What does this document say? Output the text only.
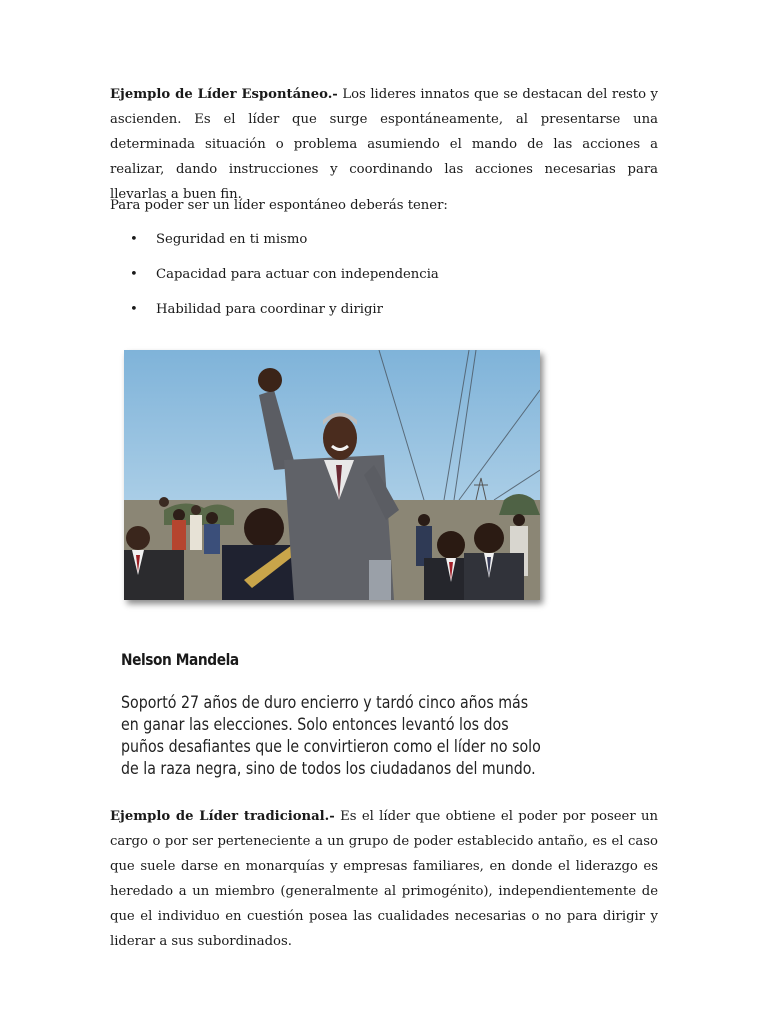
Ejemplo de Líder Espontáneo.- Los lideres innatos que se destacan del resto y ascienden. Es el líder que surge espontáneamente, al presentarse una determinada situación o problema asumiendo el mando de las acciones a realizar, dando instrucciones y coordinando las acciones necesarias para llevarlas a buen fin.

Para poder ser un líder espontáneo deberás tener:

• Seguridad en ti mismo
• Capacidad para actuar con independencia
• Habilidad para coordinar y dirigir

Nelson Mandela

Soportó 27 años de duro encierro y tardó cinco años más en ganar las elecciones. Solo entonces levantó los dos puños desafiantes que le convirtieron como el líder no solo de la raza negra, sino de todos los ciudadanos del mundo.

Ejemplo de Líder tradicional.- Es el líder que obtiene el poder por poseer un cargo o por ser perteneciente a un grupo de poder establecido antaño, es el caso que suele darse en monarquías y empresas familiares, en donde el liderazgo es heredado a un miembro (generalmente al primogénito), independientemente de que el individuo en cuestión posea las cualidades necesarias o no para dirigir y liderar a sus subordinados.
